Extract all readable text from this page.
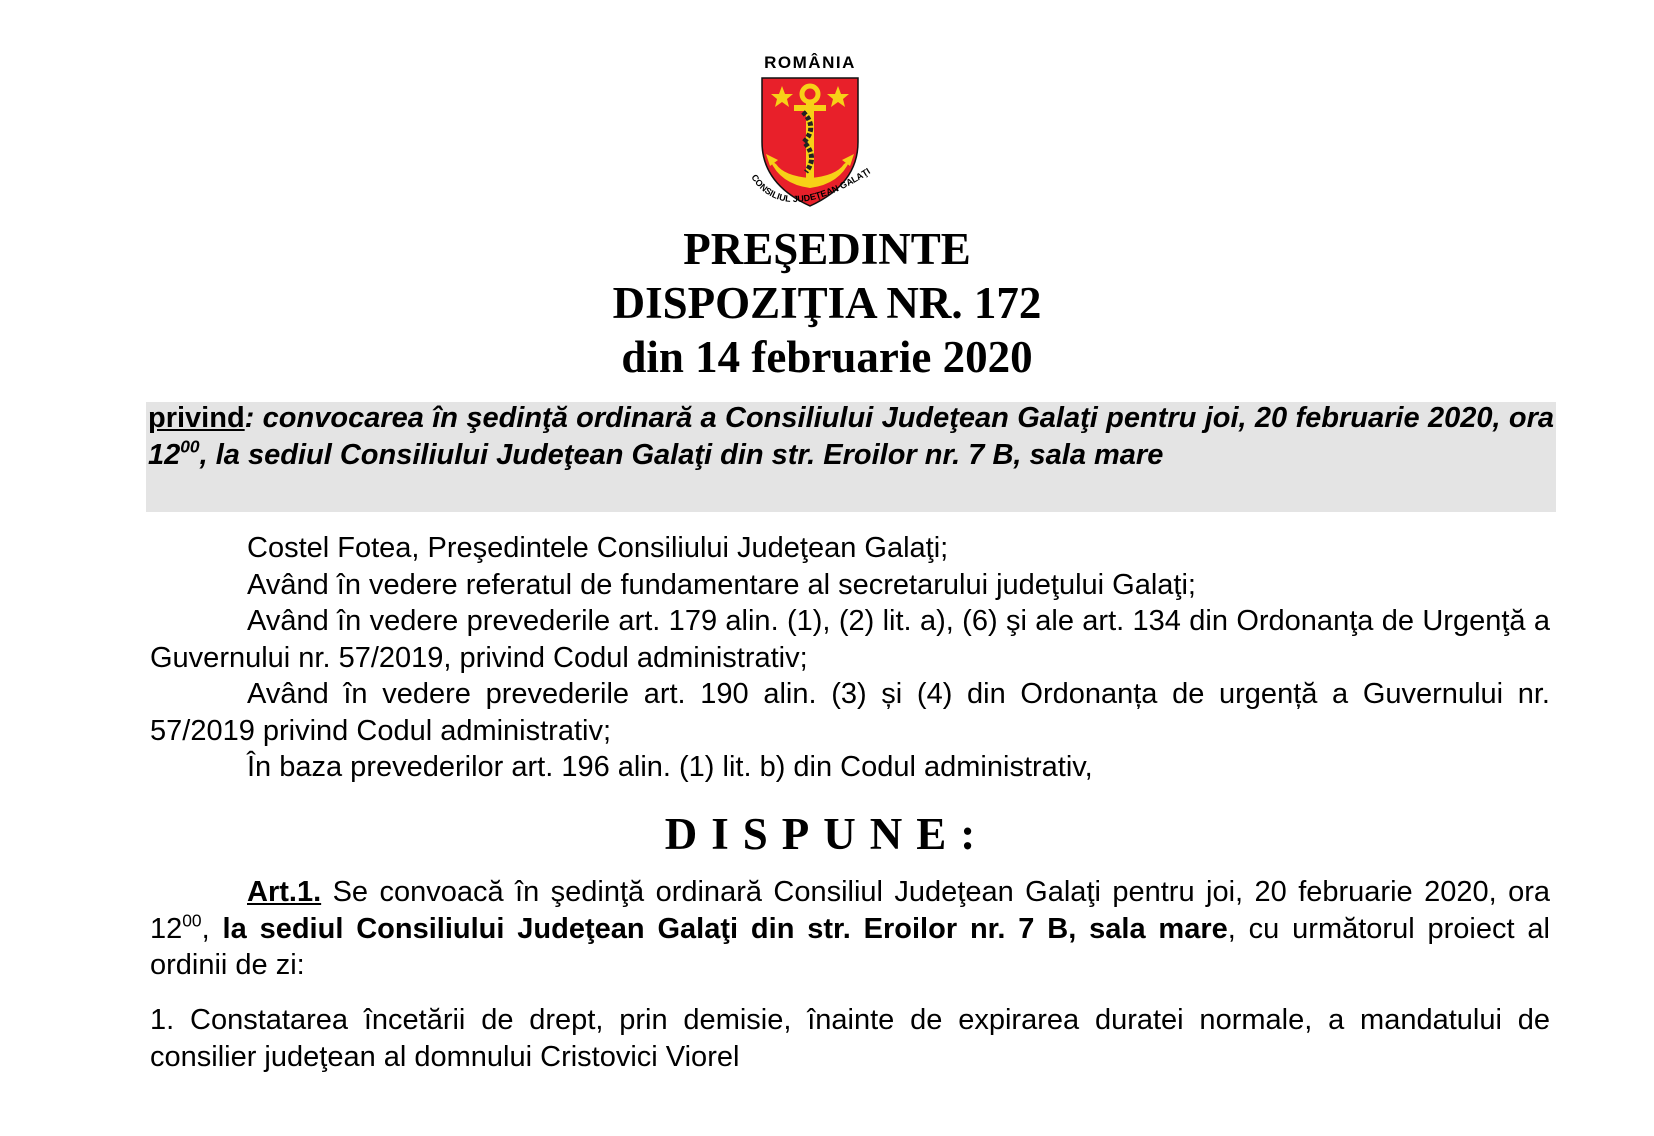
ROMÂNIA
CONSILIUL JUDEŢEAN GALAŢI
PREŞEDINTE
DISPOZIŢIA NR. 172
din 14 februarie 2020
privind: convocarea în şedinţă ordinară a Consiliului Judeţean Galaţi pentru joi, 20 februarie 2020, ora $12^{00}$, la sediul Consiliului Judeţean Galaţi din str. Eroilor nr. 7 B, sala mare

Costel Fotea, Preşedintele Consiliului Judeţean Galaţi;

Având în vedere referatul de fundamentare al secretarului judeţului Galaţi;

Având în vedere prevederile art. 179 alin. (1), (2) lit. a), (6) şi ale art. 134 din Ordonanţa de Urgenţă a Guvernului nr. 57/2019, privind Codul administrativ;

Având în vedere prevederile art. 190 alin. (3) și (4) din Ordonanța de urgență a Guvernului nr. 57/2019 privind Codul administrativ;

În baza prevederilor art. 196 alin. (1) lit. b) din Codul administrativ,

DISPUNE:

Art.1. Se convoacă în şedinţă ordinară Consiliul Judeţean Galaţi pentru joi, 20 februarie 2020, ora $12^{00}$, la sediul Consiliului Judeţean Galaţi din str. Eroilor nr. 7 B, sala mare, cu următorul proiect al ordinii de zi:

1. Constatarea încetării de drept, prin demisie, înainte de expirarea duratei normale, a mandatului de consilier judeţean al domnului Cristovici Viorel
